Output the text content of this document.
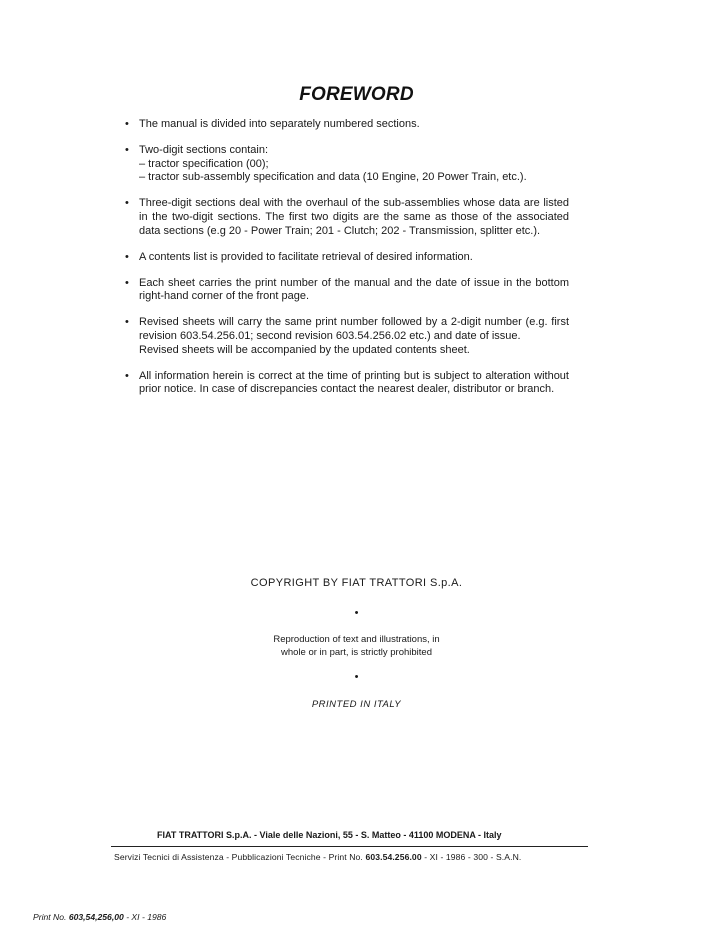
FOREWORD
• The manual is divided into separately numbered sections.
• Two-digit sections contain:
– tractor specification (00);
– tractor sub-assembly specification and data (10 Engine, 20 Power Train, etc.).
• Three-digit sections deal with the overhaul of the sub-assemblies whose data are listed in the two-digit sections. The first two digits are the same as those of the associated data sections (e.g 20 - Power Train; 201 - Clutch; 202 - Transmission, splitter etc.).
• A contents list is provided to facilitate retrieval of desired information.
• Each sheet carries the print number of the manual and the date of issue in the bottom right-hand corner of the front page.
• Revised sheets will carry the same print number followed by a 2-digit number (e.g. first revision 603.54.256.01; second revision 603.54.256.02 etc.) and date of issue.
Revised sheets will be accompanied by the updated contents sheet.
• All information herein is correct at the time of printing but is subject to alteration without prior notice. In case of discrepancies contact the nearest dealer, distributor or branch.
COPYRIGHT BY FIAT TRATTORI S.p.A.
•
Reproduction of text and illustrations, in
whole or in part, is strictly prohibited
•
PRINTED IN ITALY
FIAT TRATTORI S.p.A. - Viale delle Nazioni, 55 - S. Matteo - 41100 MODENA - Italy
Servizi Tecnici di Assistenza - Pubblicazioni Tecniche - Print No. 603.54.256.00 - XI - 1986 - 300 - S.A.N.
Print No. 603,54,256,00 - XI - 1986
